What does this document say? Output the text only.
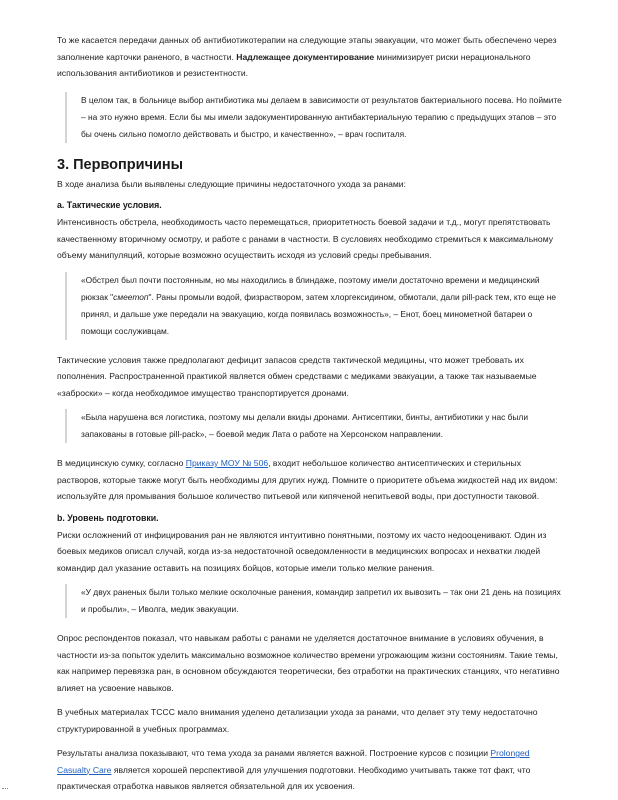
То же касается передачи данных об антибиотикотерапии на следующие этапы эвакуации, что может быть обеспечено через заполнение карточки раненого, в частности. Надлежащее документирование минимизирует риски нерационального использования антибиотиков и резистентности.

В целом так, в больнице выбор антибиотика мы делаем в зависимости от результатов бактериального посева. Но поймите – на это нужно время. Если бы мы имели задокументированную антибактериальную терапию с предыдущих этапов – это бы очень сильно помогло действовать и быстро, и качественно», – врач госпиталя.

3. Первопричины

В ходе анализа были выявлены следующие причины недостаточного ухода за ранами:

a. Тактические условия.

Интенсивность обстрела, необходимость часто перемещаться, приоритетность боевой задачи и т.д., могут препятствовать качественному вторичному осмотру, и работе с ранами в частности. В сусловиях необходимо стремиться к максимальному объему манипуляций, которые возможно осуществить исходя из условий среды пребывания.

«Обстрел был почти постоянным, но мы находились в блиндаже, поэтому имели достаточно времени и медицинский рюкзак "смеетоп". Раны промыли водой, физраствором, затем хлоргексидином, обмотали, дали pill-pack тем, кто еще не принял, и дальше уже передали на эвакуацию, когда появилась возможность», – Енот, боец минометной батареи о помощи сослуживцам.

Тактические условия также предполагают дефицит запасов средств тактической медицины, что может требовать их пополнения. Распространенной практикой является обмен средствами с медиками эвакуации, а также так называемые «заброски» – когда необходимое имущество транспортируется дронами.

«Была нарушена вся логистика, поэтому мы делали вкиды дронами. Антисептики, бинты, антибиотики у нас были запакованы в готовые pill-pack», – боевой медик Лата о работе на Херсонском направлении.

В медицинскую сумку, согласно Приказу МОУ № 506, входит небольшое количество антисептических и стерильных растворов, которые также могут быть необходимы для других нужд. Помните о приоритете объема жидкостей над их видом: используйте для промывания большое количество питьевой или кипяченой непитьевой воды, при доступности таковой.

b. Уровень подготовки.

Риски осложнений от инфицирования ран не являются интуитивно понятными, поэтому их часто недооценивают. Один из боевых медиков описал случай, когда из-за недостаточной осведомленности в медицинских вопросах и нехватки людей командир дал указание оставить на позициях бойцов, которые имели только мелкие ранения.

«У двух раненых были только мелкие осколочные ранения, командир запретил их вывозить – так они 21 день на позициях и пробыли», – Иволга, медик эвакуации.

Опрос респондентов показал, что навыкам работы с ранами не уделяется достаточное внимание в условиях обучения, в частности из-за попыток уделить максимально возможное количество времени угрожающим жизни состояниям. Такие темы, как например перевязка ран, в основном обсуждаются теоретически, без отработки на практических станциях, что негативно влияет на усвоение навыков.

В учебных материалах ТССС мало внимания уделено детализации ухода за ранами, что делает эту тему недостаточно структурированной в учебных программах.

Результаты анализа показывают, что тема ухода за ранами является важной. Построение курсов с позиции Prolonged Casualty Care является хорошей перспективой для улучшения подготовки. Необходимо учитывать также тот факт, что практическая отработка навыков является обязательной для их усвоения.
